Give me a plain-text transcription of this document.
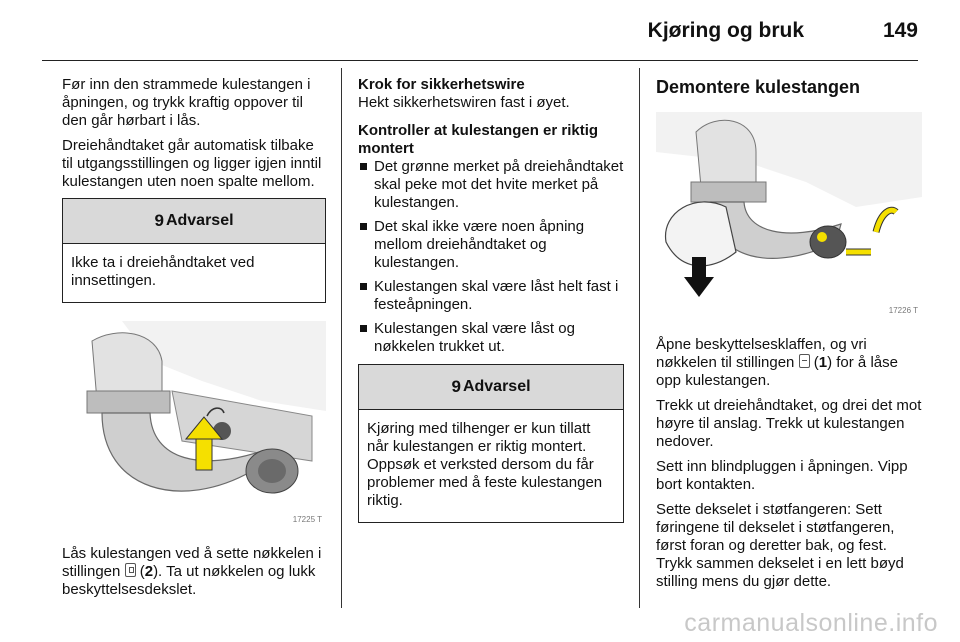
Kjøring og bruk	149

Før inn den strammede kulestangen i åpningen, og trykk kraftig oppover til den går hørbart i lås.

Dreiehåndtaket går automatisk tilbake til utgangsstillingen og ligger igjen inntil kulestangen uten noen spalte mellom.

9 Advarsel
Ikke ta i dreiehåndtaket ved innsettingen.
17225 T

Lås kulestangen ved å sette nøkkelen i stillingen  (2). Ta ut nøkkelen og lukk beskyttelsesdekslet.

Krok for sikkerhetswire

Hekt sikkerhetswiren fast i øyet.

Kontroller at kulestangen er riktig montert

Det grønne merket på dreiehåndtaket skal peke mot det hvite merket på kulestangen.
Det skal ikke være noen åpning mellom dreiehåndtaket og kulestangen.
Kulestangen skal være låst helt fast i festeåpningen.
Kulestangen skal være låst og nøkkelen trukket ut.
9 Advarsel
Kjøring med tilhenger er kun tillatt når kulestangen er riktig montert. Oppsøk et verksted dersom du får problemer med å feste kulestangen riktig.

Demontere kulestangen

17226 T

Åpne beskyttelsesklaffen, og vri nøkkelen til stillingen  (1) for å låse opp kulestangen.

Trekk ut dreiehåndtaket, og drei det mot høyre til anslag. Trekk ut kulestangen nedover.

Sett inn blindpluggen i åpningen. Vipp bort kontakten.

Sette dekselet i støtfangeren: Sett føringene til dekselet i støtfangeren, først foran og deretter bak, og fest. Trykk sammen dekselet i en lett bøyd stilling mens du gjør dette.

carmanualsonline.info
